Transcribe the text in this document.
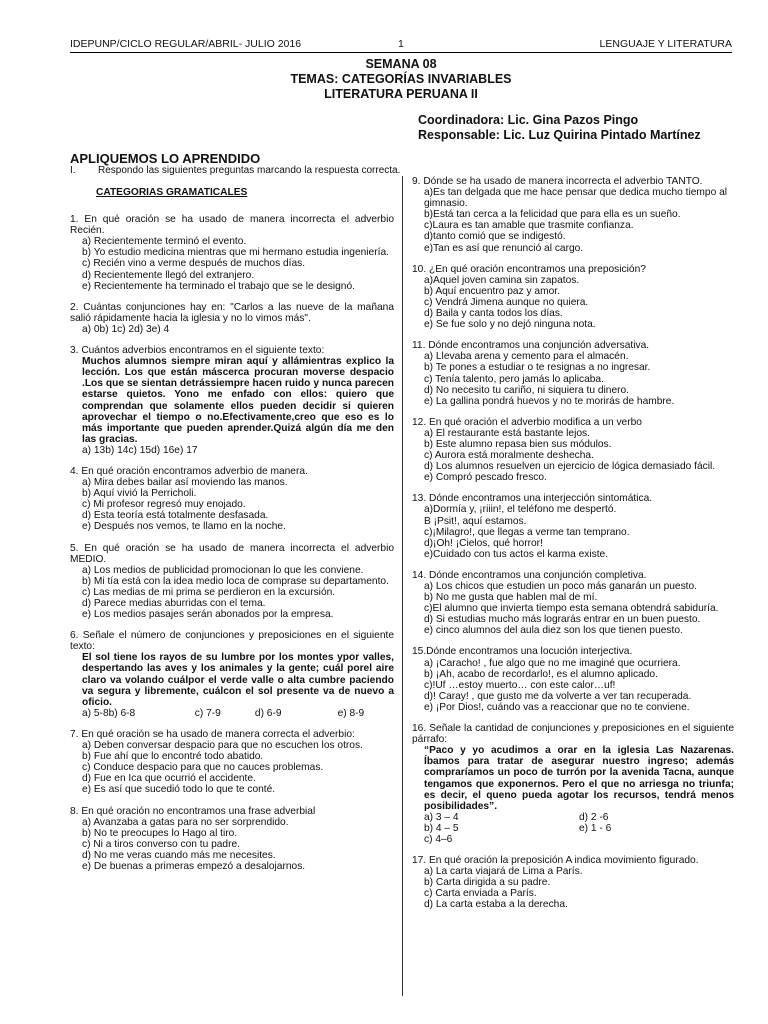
IDEPUNP/CICLO REGULAR/ABRIL- JULIO 2016	1	LENGUAJE Y LITERATURA
SEMANA 08
TEMAS: CATEGORÍAS INVARIABLES
LITERATURA PERUANA II
Coordinadora: Lic. Gina Pazos Pingo
Responsable: Lic. Luz Quirina Pintado Martínez
APLIQUEMOS LO APRENDIDO
I. Respondo las siguientes preguntas marcando la respuesta correcta.
CATEGORIAS GRAMATICALES
1. En qué oración se ha usado de manera incorrecta el adverbio Recién.
a) Recientemente terminó el evento.
b) Yo estudio medicina mientras que mi hermano estudia ingeniería.
c) Recién vino a verme después de muchos días.
d) Recientemente llegó del extranjero.
e) Recientemente ha terminado el trabajo que se le designó.
2. Cuántas conjunciones hay en: "Carlos a las nueve de la mañana salió rápidamente hacia la iglesia y no lo vimos más".
a) 0b) 1c) 2d) 3e) 4
3. Cuántos adverbios encontramos en el siguiente texto:
Muchos alumnos siempre miran aquí y allámientras explico la lección. Los que están máscerca procuran moverse despacio .Los que se sientan detrássiempre hacen ruido y nunca parecen estarse quietos. Yono me enfado con ellos: quiero que comprendan que solamente ellos pueden decidir si quieren aprovechar el tiempo o no.Efectivamente,creo que eso es lo más importante que pueden aprender.Quizá algún día me den las gracias.
a) 13b) 14c) 15d) 16e) 17
4. En qué oración encontramos adverbio de manera.
a) Mira debes bailar así moviendo las manos.
b) Aquí vivió la Perricholi.
c) Mi profesor regresó muy enojado.
d) Esta teoría está totalmente desfasada.
e) Después nos vemos, te llamo en la noche.
5. En qué oración se ha usado de manera incorrecta el adverbio MEDIO.
a) Los medios de publicidad promocionan lo que les conviene.
b) Mi tía está con la idea medio loca de comprase su departamento.
c) Las medias de mi prima se perdieron en la excursión.
d) Parece medias aburridas con el tema.
e) Los medios pasajes serán abonados por la empresa.
6. Señale el número de conjunciones y preposiciones en el siguiente texto:
El sol tiene los rayos de su lumbre por los montes ypor valles, despertando las aves y los animales y la gente; cuál porel aire claro va volando cuálpor el verde valle o alta cumbre paciendo va segura y libremente, cuálcon el sol presente va de nuevo a oficio.
a) 5-8b) 6-8	c) 7-9	d) 6-9	e) 8-9
7. En qué oración se ha usado de manera correcta el adverbio:
a) Deben conversar despacio para que no escuchen los otros.
b) Fue ahí que lo encontré todo abatido.
c) Conduce despacio para que no cauces problemas.
d) Fue en Ica que ocurrió el accidente.
e) Es así que sucedió todo lo que te conté.
8. En qué oración no encontramos una frase adverbial
a) Avanzaba a gatas para no ser sorprendido.
b) No te preocupes lo Hago al tiro.
c) Ni a tiros converso con tu padre.
d) No me veras cuando más me necesites.
e) De buenas a primeras empezó a desalojarnos.
9. Dónde se ha usado de manera incorrecta el adverbio TANTO.
a)Es tan delgada que me hace pensar que dedica mucho tiempo al gimnasio.
b)Está tan cerca a la felicidad que para ella es un sueño.
c)Laura es tan amable que trasmite confianza.
d)tanto comió que se indigestó.
e)Tan es así que renunció al cargo.
10. ¿En qué oración encontramos una preposición?
a)Aquel joven camina sin zapatos.
b) Aquí encuentro paz y amor.
c) Vendrá Jimena aunque no quiera.
d) Baila y canta todos los días.
e) Se fue solo y no dejó ninguna nota.
11. Dónde encontramos una conjunción adversativa.
a) Llevaba arena y cemento para el almacén.
b) Te pones a estudiar o te resignas a no ingresar.
c) Tenía talento, pero jamás lo aplicaba.
d) No necesito tu cariño, ni siquiera tu dinero.
e) La gallina pondrá huevos y no te morirás de hambre.
12. En qué oración el adverbio modifica a un verbo
a) El restaurante está bastante lejos.
b) Este alumno repasa bien sus módulos.
c) Aurora está moralmente deshecha.
d) Los alumnos resuelven un ejercicio de lógica demasiado fácil.
e) Compró pescado fresco.
13. Dónde encontramos una interjección sintomática.
a)Dormía y, ¡riiin!, el teléfono me despertó.
B ¡Psit!, aquí estamos.
c)¡Milagro!, que llegas a verme tan temprano.
d)¡Oh! ¡Cielos, qué horror!
e)Cuidado con tus actos el karma existe.
14. Dónde encontramos una conjunción completiva.
a) Los chicos que estudien un poco más ganarán un puesto.
b) No me gusta que hablen mal de mí.
c)El alumno que invierta tiempo esta semana obtendrá sabiduría.
d) Si estudias mucho más lograrás entrar en un buen puesto.
e) cinco alumnos del aula diez son los que tienen puesto.
15.Dónde encontramos una locución interjectiva.
a) ¡Caracho! , fue algo que no me imaginé que ocurriera.
b) ¡Ah, acabo de recordarlo!, es el alumno aplicado.
c)!Uf …estoy muerto… con este calor…uf!
d)! Caray! , que gusto me da volverte a ver tan recuperada.
e) ¡Por Dios!, cuándo vas a reaccionar que no te conviene.
16. Señale la cantidad de conjunciones y preposiciones en el siguiente párrafo:
“Paco y yo acudimos a orar en la iglesia Las Nazarenas. Íbamos para tratar de asegurar nuestro ingreso; además compraríamos un poco de turrón por la avenida Tacna, aunque tengamos que exponernos. Pero el que no arriesga no triunfa; es decir, el queno pueda agotar los recursos, tendrá menos posibilidades”.
a) 3 – 4	d) 2 -6
b) 4 – 5	e) 1 - 6
c) 4–6
17. En qué oración la preposición A indica movimiento figurado.
a) La carta viajará de Lima a París.
b) Carta dirigida a su padre.
c) Carta enviada a París.
d) La carta estaba a la derecha.
